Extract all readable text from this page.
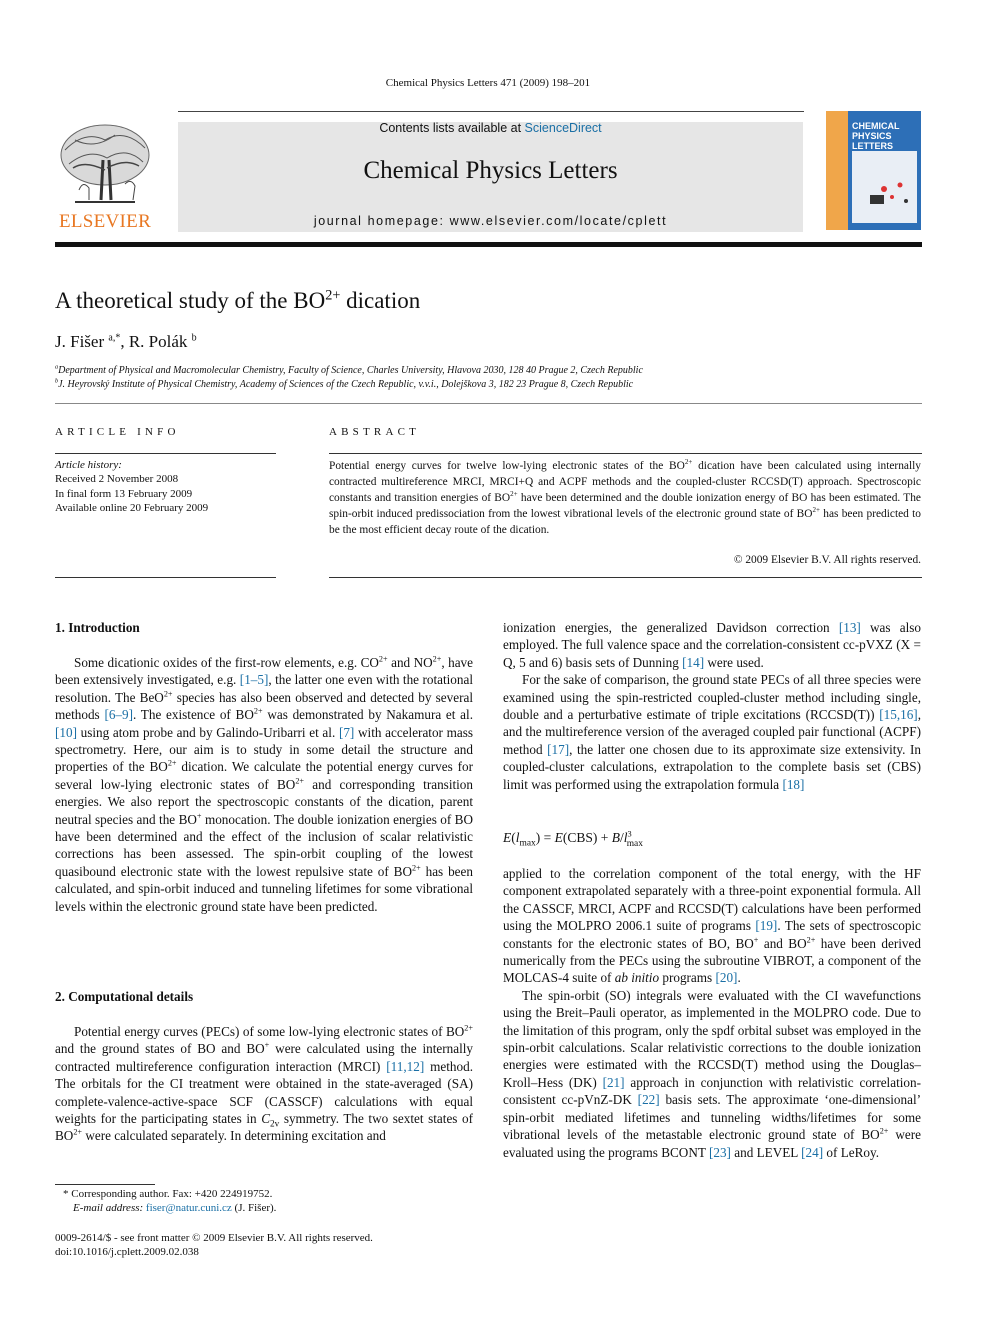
Chemical Physics Letters 471 (2009) 198–201
ELSEVIER
Contents lists available at ScienceDirect
Chemical Physics Letters
journal homepage: www.elsevier.com/locate/cplett
CHEMICAL
PHYSICS
LETTERS
A theoretical study of the $BO^{2+}$ dication
J. Fišer $^{a,*}$, R. Polák $^b$
$^a$Department of Physical and Macromolecular Chemistry, Faculty of Science, Charles University, Hlavova 2030, 128 40 Prague 2, Czech Republic
$^b$J. Heyrovský Institute of Physical Chemistry, Academy of Sciences of the Czech Republic, v.v.i., Dolejškova 3, 182 23 Prague 8, Czech Republic
ARTICLE INFO	ABSTRACT
Article history:
Received 2 November 2008
In final form 13 February 2009
Available online 20 February 2009
Potential energy curves for twelve low-lying electronic states of the $BO^{2+}$ dication have been calculated using internally contracted multireference MRCI, MRCI+Q and ACPF methods and the coupled-cluster RCCSD(T) approach. Spectroscopic constants and transition energies of $BO^{2+}$ have been determined and the double ionization energy of BO has been estimated. The spin-orbit induced predissociation from the lowest vibrational levels of the electronic ground state of $BO^{2+}$ has been predicted to be the most efficient decay route of the dication.
© 2009 Elsevier B.V. All rights reserved.
1. Introduction

Some dicationic oxides of the first-row elements, e.g. $CO^{2+}$ and $NO^{2+}$, have been extensively investigated, e.g. [1–5], the latter one even with the rotational resolution. The BeO$^{2+}$ species has also been observed and detected by several methods [6–9]. The existence of $BO^{2+}$ was demonstrated by Nakamura et al. [10] using atom probe and by Galindo-Uribarri et al. [7] with accelerator mass spectrometry. Here, our aim is to study in some detail the structure and properties of the $BO^{2+}$ dication. We calculate the potential energy curves for several low-lying electronic states of $BO^{2+}$ and corresponding transition energies. We also report the spectroscopic constants of the dication, parent neutral species and the BO+ monocation. The double ionization energies of BO have been determined and the effect of the inclusion of scalar relativistic corrections has been assessed. The spin-orbit coupling of the lowest quasibound electronic state with the lowest repulsive state of $BO^{2+}$ has been calculated, and spin-orbit induced and tunneling lifetimes for some vibrational levels within the electronic ground state have been predicted.

2. Computational details

Potential energy curves (PECs) of some low-lying electronic states of $BO^{2+}$ and the ground states of BO and BO+ were calculated using the internally contracted multireference configuration interaction (MRCI) [11,12] method. The orbitals for the CI treatment were obtained in the state-averaged (SA) complete-valence-active-space SCF (CASSCF) calculations with equal weights for the participating states in $C_{2v}$ symmetry. The two sextet states of $BO^{2+}$ were calculated separately. In determining excitation and

ionization energies, the generalized Davidson correction [13] was also employed. The full valence space and the correlation-consistent cc-pVXZ (X = Q, 5 and 6) basis sets of Dunning [14] were used.

For the sake of comparison, the ground state PECs of all three species were examined using the spin-restricted coupled-cluster method including single, double and a perturbative estimate of triple excitations (RCCSD(T)) [15,16], and the multireference version of the averaged coupled pair functional (ACPF) method [17], the latter one chosen due to its approximate size extensivity. In coupled-cluster calculations, extrapolation to the complete basis set (CBS) limit was performed using the extrapolation formula [18]

$E(l_{max}) = E(CBS) + B/l^3_{max}$

applied to the correlation component of the total energy, with the HF component extrapolated separately with a three-point exponential formula. All the CASSCF, MRCI, ACPF and RCCSD(T) calculations have been performed using the MOLPRO 2006.1 suite of programs [19]. The sets of spectroscopic constants for the electronic states of BO, BO+ and $BO^{2+}$ have been derived numerically from the PECs using the subroutine VIBROT, a component of the MOLCAS-4 suite of ab initio programs [20].

The spin-orbit (SO) integrals were evaluated with the CI wavefunctions using the Breit–Pauli operator, as implemented in the MOLPRO code. Due to the limitation of this program, only the spdf orbital subset was employed in the spin-orbit calculations. Scalar relativistic corrections to the double ionization energies were estimated with the RCCSD(T) method using the Douglas–Kroll–Hess (DK) [21] approach in conjunction with relativistic correlation-consistent cc-pVnZ-DK [22] basis sets. The approximate ‘one-dimensional’ spin-orbit mediated lifetimes and tunneling widths/lifetimes for some vibrational levels of the metastable electronic ground state of $BO^{2+}$ were evaluated using the programs BCONT [23] and LEVEL [24] of LeRoy.

* Corresponding author. Fax: +420 224919752.
E-mail address: fiser@natur.cuni.cz (J. Fišer).
0009-2614/$ - see front matter © 2009 Elsevier B.V. All rights reserved.
doi:10.1016/j.cplett.2009.02.038
